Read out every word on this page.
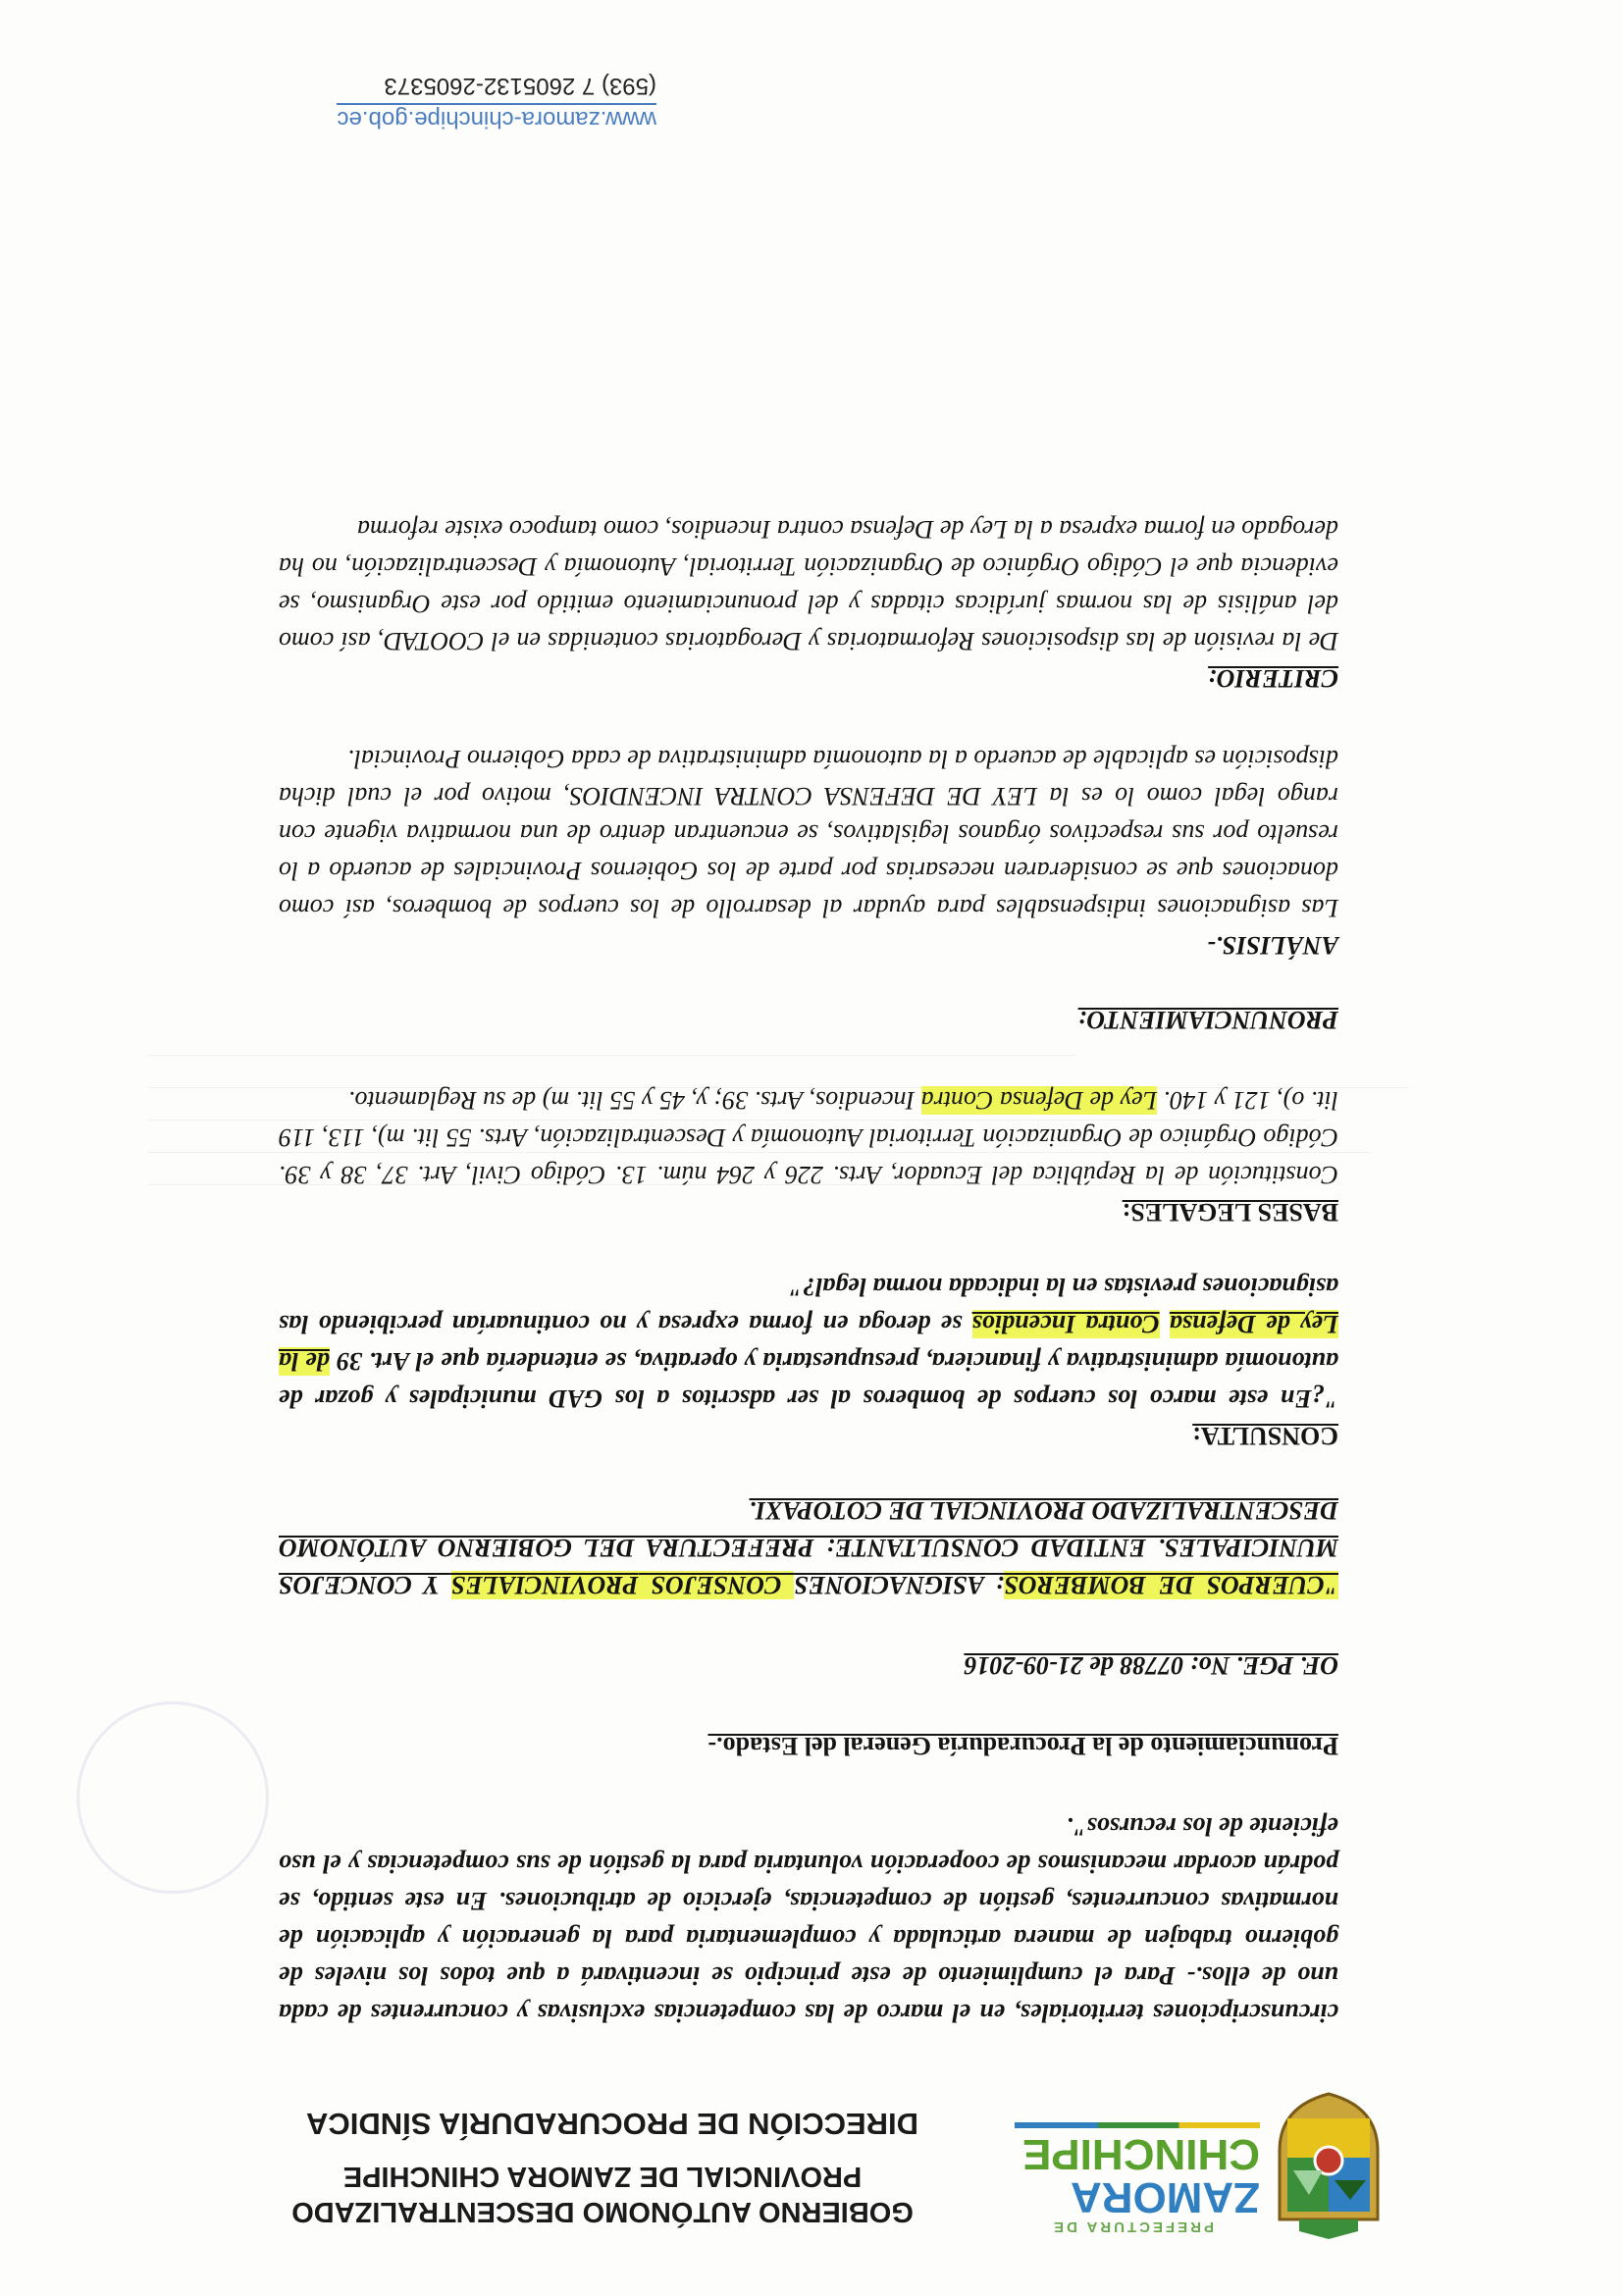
PREFECTURA DE
ZAMORA
CHINCHIPE
GOBIERNO AUTÓNOMO DESCENTRALIZADO
PROVINCIAL DE ZAMORA CHINCHIPE
DIRECCIÓN DE PROCURADURÍA SÍNDICA

circunscripciones territoriales, en el marco de las competencias exclusivas y concurrentes de cada uno de ellos.- Para el cumplimiento de este principio se incentivará a que todos los niveles de gobierno trabajen de manera articulada y complementaria para la generación y aplicación de normativas concurrentes, gestión de competencias, ejercicio de atribuciones. En este sentido, se podrán acordar mecanismos de cooperación voluntaria para la gestión de sus competencias y el uso eficiente de los recursos".

Pronunciamiento de la Procuraduría General del Estado.-

OF. PGE. No: 07788 de 21-09-2016

"CUERPOS DE BOMBEROS: ASIGNACIONES CONSEJOS PROVINCIALES Y CONCEJOS MUNICIPALES. ENTIDAD CONSULTANTE: PREFECTURA DEL GOBIERNO AUTÓNOMO DESCENTRALIZADO PROVINCIAL DE COTOPAXI.

CONSULTA:

"¿En este marco los cuerpos de bomberos al ser adscritos a los GAD municipales y gozar de autonomía administrativa y financiera, presupuestaria y operativa, se entendería que el Art. 39 de la Ley de Defensa Contra Incendios se deroga en forma expresa y no continuarían percibiendo las asignaciones previstas en la indicada norma legal?"

BASES LEGALES:

Constitución de la República del Ecuador, Arts. 226 y 264 núm. 13. Código Civil, Art. 37, 38 y 39. Código Orgánico de Organización Territorial Autonomía y Descentralización, Arts. 55 lit. m), 113, 119 lit. o), 121 y 140. Ley de Defensa Contra Incendios, Arts. 39; y, 45 y 55 lit. m) de su Reglamento.

PRONUNCIAMIENTO:

ANÁLISIS.-

Las asignaciones indispensables para ayudar al desarrollo de los cuerpos de bomberos, así como donaciones que se consideraren necesarias por parte de los Gobiernos Provinciales de acuerdo a lo resuelto por sus respectivos órganos legislativos, se encuentran dentro de una normativa vigente con rango legal como lo es la LEY DE DEFENSA CONTRA INCENDIOS, motivo por el cual dicha disposición es aplicable de acuerdo a la autonomía administrativa de cada Gobierno Provincial.

CRITERIO:

De la revisión de las disposiciones Reformatorias y Derogatorias contenidas en el COOTAD, así como del análisis de las normas jurídicas citadas y del pronunciamiento emitido por este Organismo, se evidencia que el Código Orgánico de Organización Territorial, Autonomía y Descentralización, no ha derogado en forma expresa a la Ley de Defensa contra Incendios, como tampoco existe reforma

www.zamora-chinchipe.gob.ec
(593) 7 2605132-2605373
